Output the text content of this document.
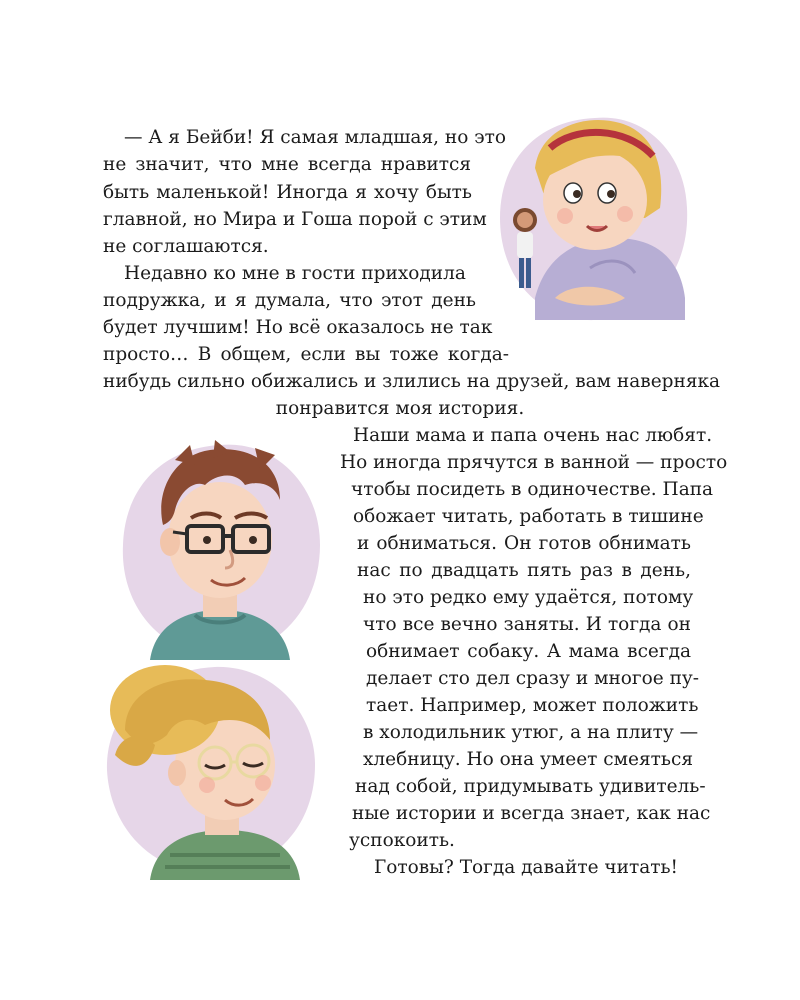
— А я Бейби! Я самая младшая, но это
не значит, что мне всегда нравится
быть маленькой! Иногда я хочу быть
главной, но Мира и Гоша порой с этим
не соглашаются.
Недавно ко мне в гости приходила
подружка, и я думала, что этот день
будет лучшим! Но всё оказалось не так
просто… В общем, если вы тоже когда-
нибудь сильно обижались и злились на друзей, вам наверняка
понравится моя история.
Наши мама и папа очень нас любят.
Но иногда прячутся в ванной — просто
чтобы посидеть в одиночестве. Папа
обожает читать, работать в тишине
и обниматься. Он готов обнимать
нас по двадцать пять раз в день,
но это редко ему удаётся, потому
что все вечно заняты. И тогда он
обнимает собаку. А мама всегда
делает сто дел сразу и многое пу-
тает. Например, может положить
в холодильник утюг, а на плиту —
хлебницу. Но она умеет смеяться
над собой, придумывать удивитель-
ные истории и всегда знает, как нас
успокоить.
Готовы? Тогда давайте читать!
